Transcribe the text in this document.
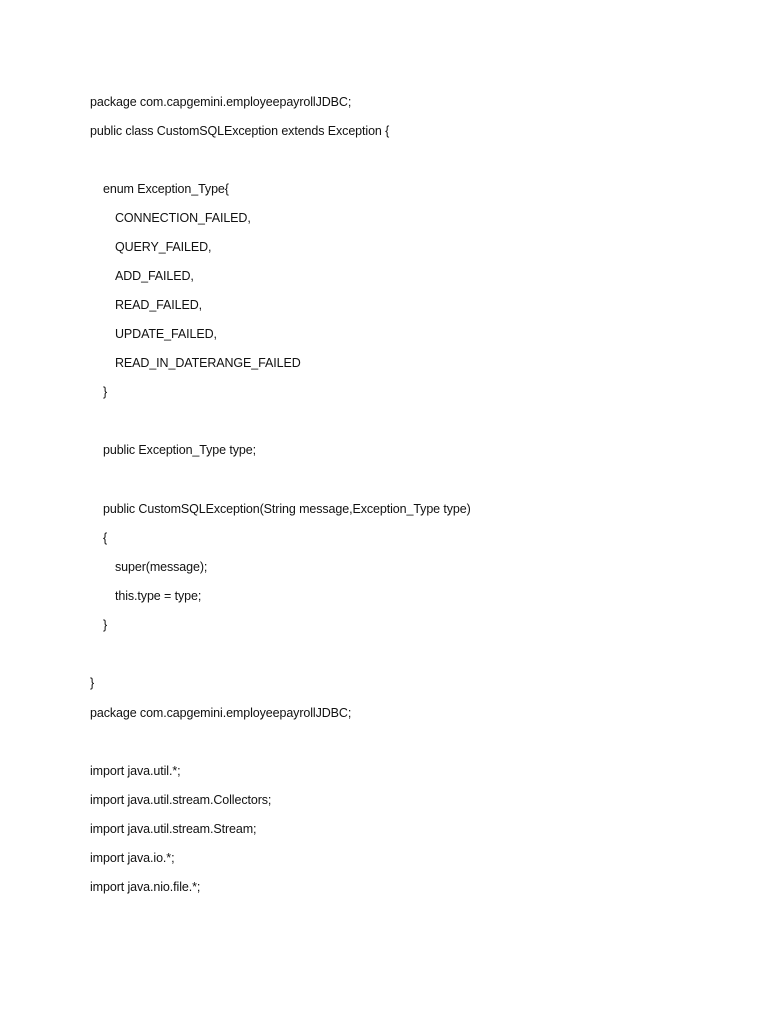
package com.capgemini.employeepayrollJDBC;

public class CustomSQLException extends Exception {

enum Exception_Type{

CONNECTION_FAILED,

QUERY_FAILED,

ADD_FAILED,

READ_FAILED,

UPDATE_FAILED,

READ_IN_DATERANGE_FAILED

}

public Exception_Type type;

public CustomSQLException(String message,Exception_Type type)

{

super(message);

this.type = type;

}

}

package com.capgemini.employeepayrollJDBC;

import java.util.*;

import java.util.stream.Collectors;

import java.util.stream.Stream;

import java.io.*;

import java.nio.file.*;
